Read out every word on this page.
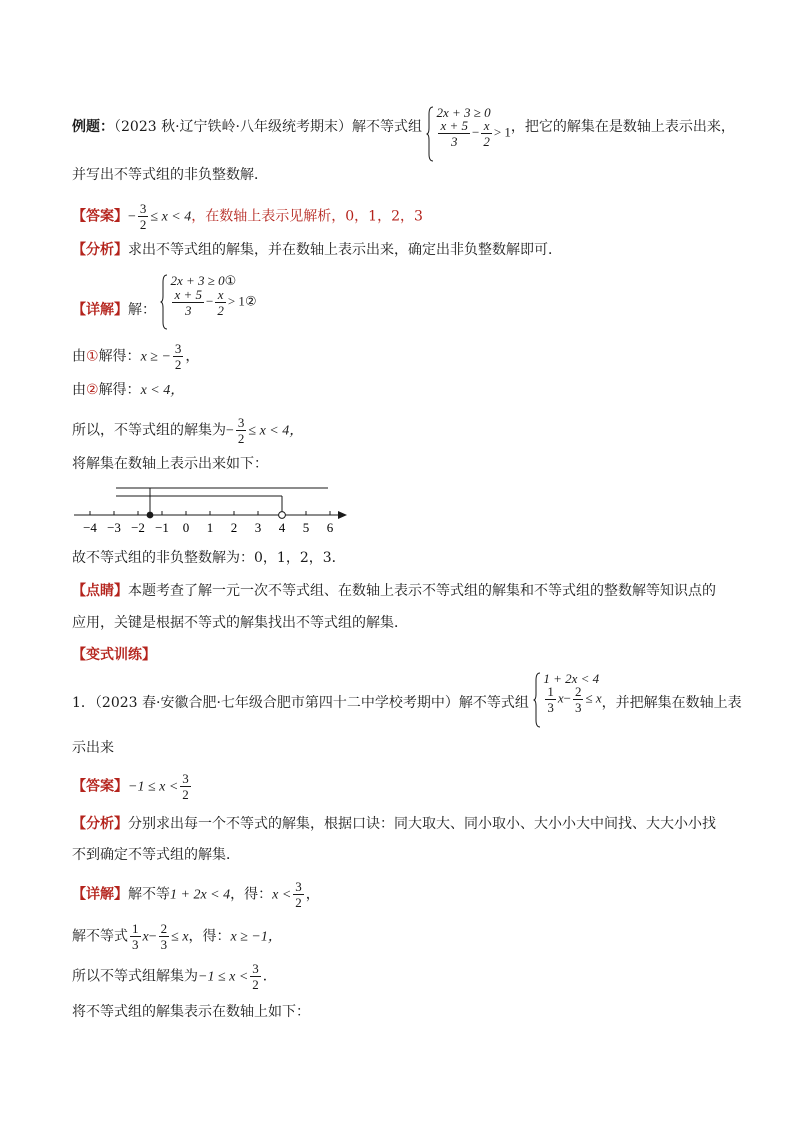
例题：（2023 秋·辽宁铁岭·八年级统考期末）解不等式组
2x + 3 ≥ 0
$\frac{x + 5}{3} - \frac{x}{2} > 1$ ，把它的解集在是数轴上表示出来，
并写出不等式组的非负整数解．
【答案】− $\frac{3}{2} \le x < 4$，在数轴上表示见解析，0，1，2，3
【分析】求出不等式组的解集，并在数轴上表示出来，确定出非负整数解即可．
【详解】解：
2x + 3 ≥ 0①
$\frac{x + 5}{3} - \frac{x}{2}$ > 1②
由①解得：x ≥ − $\frac{3}{2}$ ，
由②解得：x < 4，
所以，不等式组的解集为− $\frac{3}{2} \le x < 4$，
将解集在数轴上表示出来如下：
−4 −3 −2 −1 0 1 2 3 4 5 6
故不等式组的非负整数解为：0，1，2，3．
【点睛】本题考查了解一元一次不等式组、在数轴上表示不等式组的解集和不等式组的整数解等知识点的
应用，关键是根据不等式的解集找出不等式组的解集．
【变式训练】
1．（2023 春·安徽合肥·七年级合肥市第四十二中学校考期中）解不等式组
1 + 2x < 4
$\frac{1}{3} x- \frac{2}{3} \le x$ ，并把解集在数轴上表
示出来
【答案】$-1 \le x < \frac{3}{2}$
【分析】分别求出每一个不等式的解集，根据口诀：同大取大、同小取小、大小小大中间找、大大小小找
不到确定不等式组的解集．
【详解】解不等1 + 2x < 4，得：$x < \frac{3}{2}$ ，
解不等式 $\frac{1}{3} x- \frac{2}{3} \le x$，得：x ≥ −1，
所以不等式组解集为$-1 \le x < \frac{3}{2}$ ．
将不等式组的解集表示在数轴上如下：
